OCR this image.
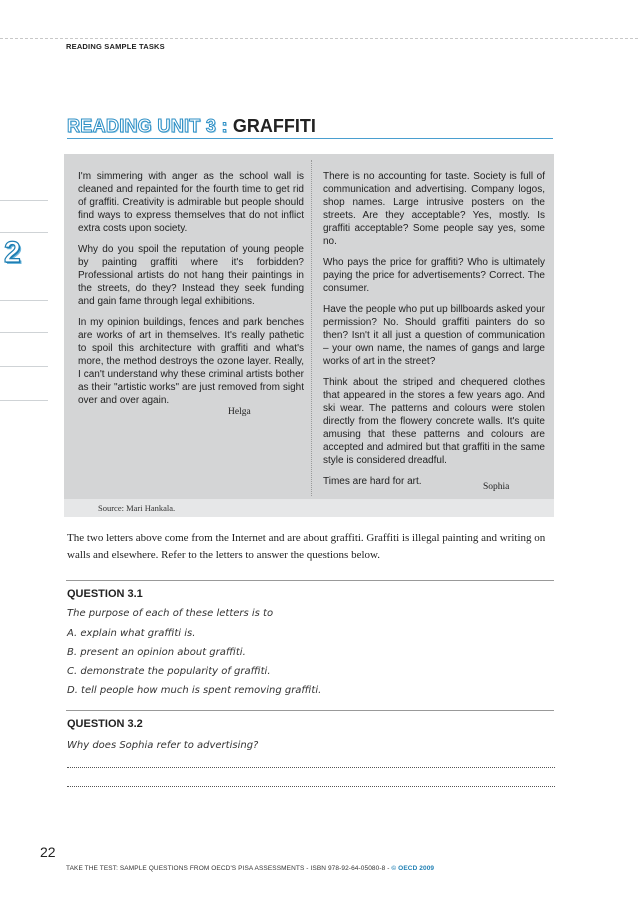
READING SAMPLE TASKS
2
READING UNIT 3 : GRAFFITI

I'm simmering with anger as the school wall is cleaned and repainted for the fourth time to get rid of graffiti. Creativity is admirable but people should find ways to express themselves that do not inflict extra costs upon society.

Why do you spoil the reputation of young people by painting graffiti where it's forbidden? Professional artists do not hang their paintings in the streets, do they? Instead they seek funding and gain fame through legal exhibitions.

In my opinion buildings, fences and park benches are works of art in themselves. It's really pathetic to spoil this architecture with graffiti and what's more, the method destroys the ozone layer. Really, I can't understand why these criminal artists bother as their "artistic works" are just removed from sight over and over again.

Helga

There is no accounting for taste. Society is full of communication and advertising. Company logos, shop names. Large intrusive posters on the streets. Are they acceptable? Yes, mostly. Is graffiti acceptable? Some people say yes, some no.

Who pays the price for graffiti? Who is ultimately paying the price for advertisements? Correct. The consumer.

Have the people who put up billboards asked your permission? No. Should graffiti painters do so then? Isn't it all just a question of communication – your own name, the names of gangs and large works of art in the street?

Think about the striped and chequered clothes that appeared in the stores a few years ago. And ski wear. The patterns and colours were stolen directly from the flowery concrete walls. It's quite amusing that these patterns and colours are accepted and admired but that graffiti in the same style is considered dreadful.

Times are hard for art.	Sophia
Source: Mari Hankala.
The two letters above come from the Internet and are about graffiti. Graffiti is illegal painting and writing on walls and elsewhere. Refer to the letters to answer the questions below.
QUESTION 3.1
The purpose of each of these letters is to
A. explain what graffiti is.
B. present an opinion about graffiti.
C. demonstrate the popularity of graffiti.
D. tell people how much is spent removing graffiti.
QUESTION 3.2
Why does Sophia refer to advertising?
22
TAKE THE TEST: SAMPLE QUESTIONS FROM OECD'S PISA ASSESSMENTS - ISBN 978-92-64-05080-8 - © OECD 2009
